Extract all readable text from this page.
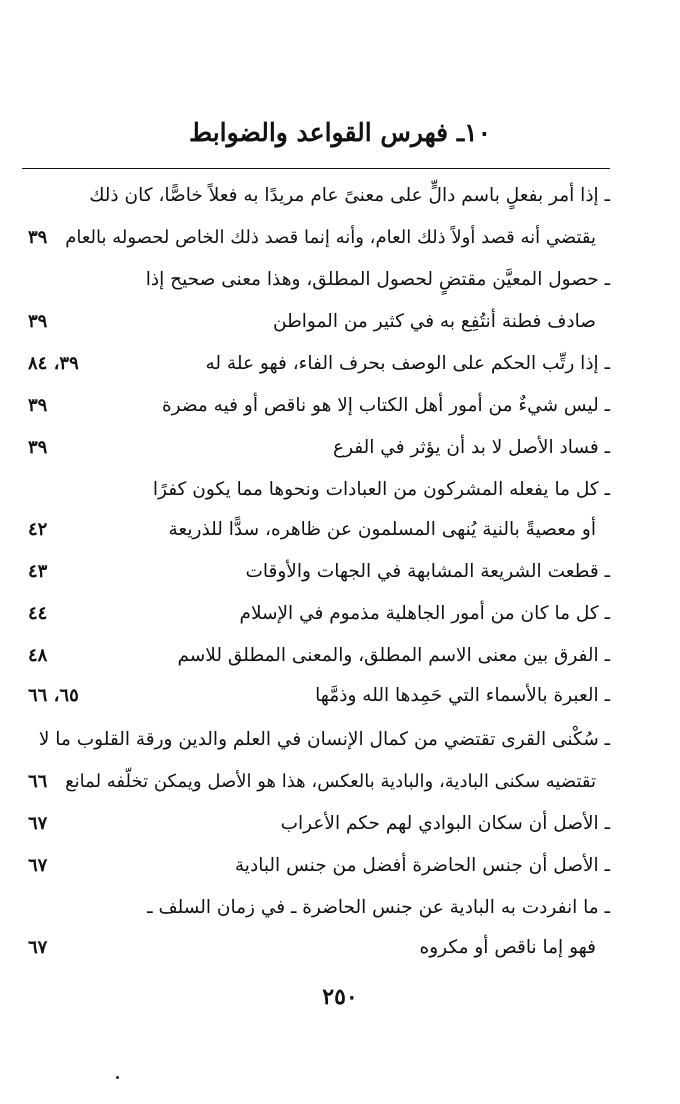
١٠ـ فهرس القواعد والضوابط
ـ إذا أمر بفعلٍ باسم دالٍّ على معنىً عام مريدًا به فعلاً خاصًّا، كان ذلك
يقتضي أنه قصد أولاً ذلك العام، وأنه إنما قصد ذلك الخاص لحصوله بالعام
٣٩
ـ حصول المعيَّن مقتضٍ لحصول المطلق، وهذا معنى صحيح إذا
صادف فطنة أنتُفِع به في كثير من المواطن
٣٩
ـ إذا رتِّب الحكم على الوصف بحرف الفاء، فهو علة له
٣٩، ٨٤
ـ ليس شيءٌ من أمور أهل الكتاب إلا هو ناقص أو فيه مضرة
٣٩
ـ فساد الأصل لا بد أن يؤثر في الفرع
٣٩
ـ كل ما يفعله المشركون من العبادات ونحوها مما يكون كفرًا
أو معصيةً بالنية يُنهى المسلمون عن ظاهره، سدًّا للذريعة
٤٢
ـ قطعت الشريعة المشابهة في الجهات والأوقات
٤٣
ـ كل ما كان من أمور الجاهلية مذموم في الإسلام
٤٤
ـ الفرق بين معنى الاسم المطلق، والمعنى المطلق للاسم
٤٨
ـ العبرة بالأسماء التي حَمِدها الله وذمَّها
٦٥، ٦٦
ـ سُكْنى القرى تقتضي من كمال الإنسان في العلم والدين ورقة القلوب ما لا
تقتضيه سكنى البادية، والبادية بالعكس، هذا هو الأصل ويمكن تخلّفه لمانع
٦٦
ـ الأصل أن سكان البوادي لهم حكم الأعراب
٦٧
ـ الأصل أن جنس الحاضرة أفضل من جنس البادية
٦٧
ـ ما انفردت به البادية عن جنس الحاضرة ـ في زمان السلف ـ
فهو إما ناقص أو مكروه
٦٧
٢٥٠
